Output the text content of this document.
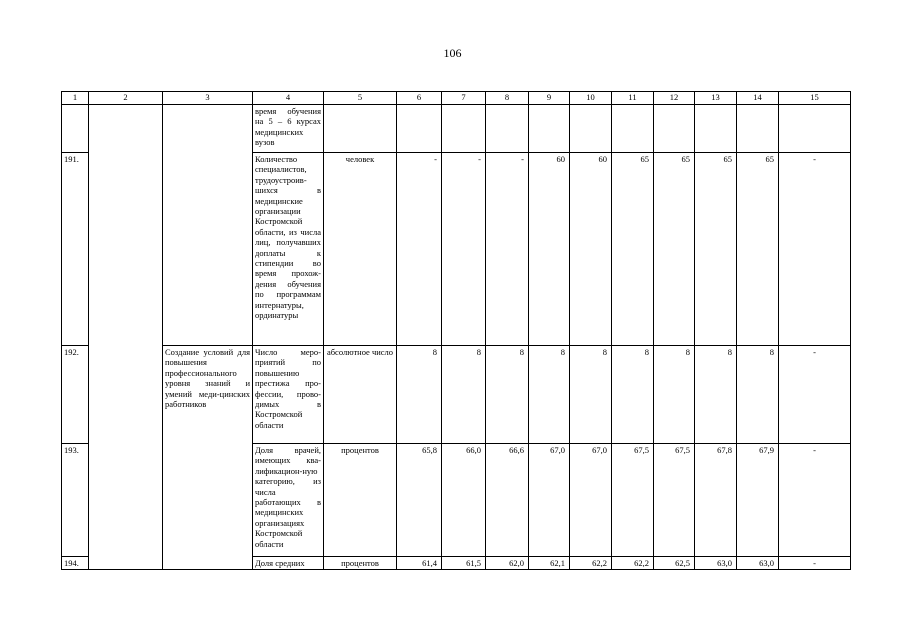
106
1	2	3	4	5	6	7	8	9	10	11	12	13	14	15
			время обучения на 5 – 6 курсах медицинских вузов											
191.			Количество специалистов, трудоустроив-шихся в медицинские организации Костромской области, из числа лиц, получавших доплаты к стипендии во время прохож-дения обучения по программам интернатуры, ординатуры	человек	-	-	-	60	60	65	65	65	65	-
192.		Создание условий для повышения профессионального уровня знаний и умений меди-цинских работников	Число меро-приятий по повышению престижа про-фессии, прово-димых в Костромской области	абсолютное число	8	8	8	8	8	8	8	8	8	-
193.			Доля врачей, имеющих ква-лификацион-ную категорию, из числа работающих в медицинских организациях Костромской области	процентов	65,8	66,0	66,6	67,0	67,0	67,5	67,5	67,8	67,9	-
194.			Доля средних	процентов	61,4	61,5	62,0	62,1	62,2	62,2	62,5	63,0	63,0	-
